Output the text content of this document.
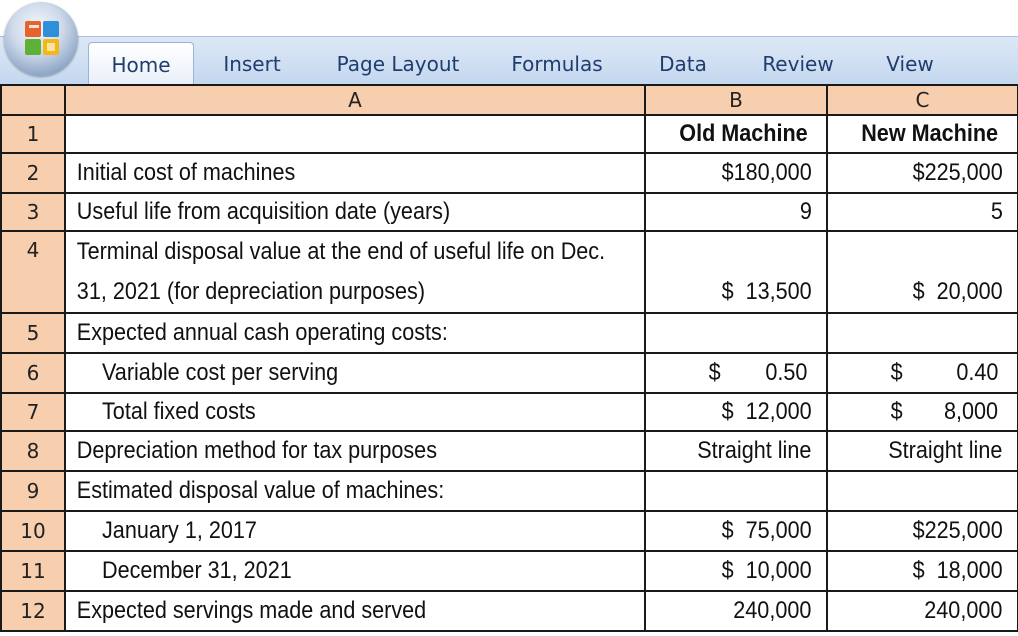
Home	Insert	Page Layout	Formulas	Data	Review	View
	A	B	C
1		Old Machine	New Machine
2	Initial cost of machines	$180,000	$225,000
3	Useful life from acquisition date (years)	9	5
4	Terminal disposal value at the end of useful life on Dec. 31, 2021 (for depreciation purposes)	$  13,500	$  20,000
5	Expected annual cash operating costs:		
6	Variable cost per serving	$ 0.50	$ 0.40

7	Total fixed costs	$  12,000	$ 8,000

8	Depreciation method for tax purposes	Straight line	Straight line
9	Estimated disposal value of machines:		
10	January 1, 2017	$  75,000	$225,000
11	December 31, 2021	$  10,000	$  18,000
12	Expected servings made and served	240,000	240,000
